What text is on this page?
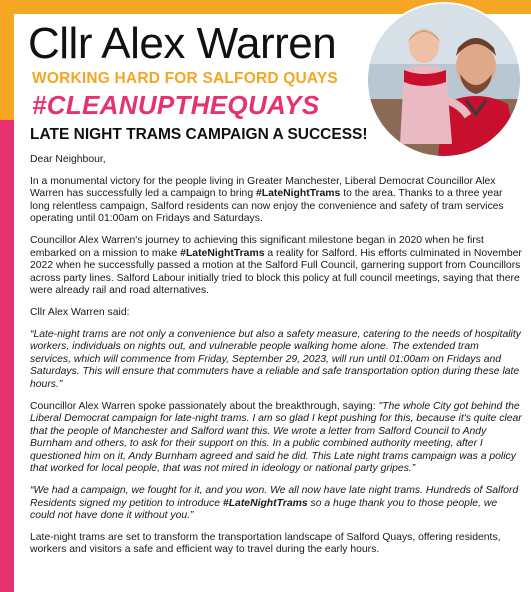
Cllr Alex Warren
WORKING HARD FOR SALFORD QUAYS
#CLEANUPTHEQUAYS
LATE NIGHT TRAMS CAMPAIGN A SUCCESS!

Dear Neighbour,

In a monumental victory for the people living in Greater Manchester, Liberal Democrat Councillor Alex Warren has successfully led a campaign to bring #LateNightTrams to the area. Thanks to a three year long relentless campaign, Salford residents can now enjoy the convenience and safety of tram services operating until 01:00am on Fridays and Saturdays.

Councillor Alex Warren's journey to achieving this significant milestone began in 2020 when he first embarked on a mission to make #LateNightTrams a reality for Salford. His efforts culminated in November 2022 when he successfully passed a motion at the Salford Full Council, garnering support from Councillors across party lines. Salford Labour initially tried to block this policy at full council meetings, saying that there were already rail and road alternatives.

Cllr Alex Warren said:

“Late-night trams are not only a convenience but also a safety measure, catering to the needs of hospitality workers, individuals on nights out, and vulnerable people walking home alone. The extended tram services, which will commence from Friday, September 29, 2023, will run until 01:00am on Fridays and Saturdays. This will ensure that commuters have a reliable and safe transportation option during these late hours.”

Councillor Alex Warren spoke passionately about the breakthrough, saying: "The whole City got behind the Liberal Democrat campaign for late-night trams. I am so glad I kept pushing for this, because it's quite clear that the people of Manchester and Salford want this. We wrote a letter from Salford Council to Andy Burnham and others, to ask for their support on this. In a public combined authority meeting, after I questioned him on it, Andy Burnham agreed and said he did. This Late night trams campaign was a policy that worked for local people, that was not mired in ideology or national party gripes.”

“We had a campaign, we fought for it, and you won. We all now have late night trams. Hundreds of Salford Residents signed my petition to introduce #LateNightTrams so a huge thank you to those people, we could not have done it without you.”

Late-night trams are set to transform the transportation landscape of Salford Quays, offering residents, workers and visitors a safe and efficient way to travel during the early hours.
